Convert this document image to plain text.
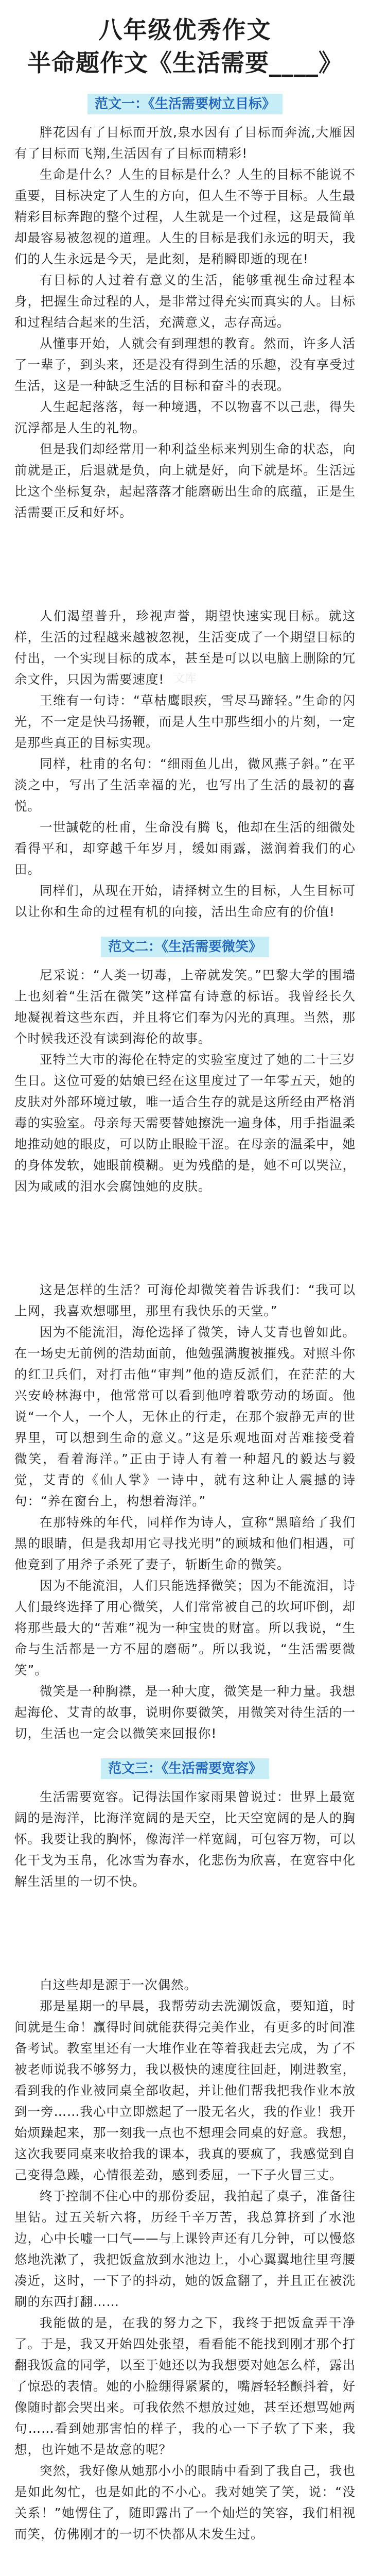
八年级优秀作文
半命题作文《生活需要____》
范文一：《生活需要树立目标》

胖花因有了目标而开放,泉水因有了目标而奔流,大雁因有了目标而飞翔,生活因有了目标而精彩!

生命是什么？人生的目标是什么？人生的目标不能说不重要，目标决定了人生的方向，但人生不等于目标。人生最精彩目标奔跑的整个过程，人生就是一个过程，这是最简单却最容易被忽视的道理。人生的目标是我们永远的明天，我们的人生永远是今天，是此刻，是稍瞬即逝的现在!

有目标的人过着有意义的生活，能够重视生命过程本身，把握生命过程的人，是非常过得充实而真实的人。目标和过程结合起来的生活，充满意义，志存高远。

从懂事开始，人就会有到理想的教育。然而，许多人活了一辈子，到头来，还是没有得到生活的乐趣，没有享受过生活，这是一种缺乏生活的目标和奋斗的表现。

人生起起落落，每一种境遇，不以物喜不以己悲，得失沉浮都是人生的礼物。

但是我们却经常用一种利益坐标来判别生命的状态，向前就是正，后退就是负，向上就是好，向下就是坏。生活远比这个坐标复杂，起起落落才能磨砺出生命的底蕴，正是生活需要正反和好坏。

人们渴望普升，珍视声誉，期望快速实现目标。就这样，生活的过程越来越被忽视，生活变成了一个期望目标的付出，一个实现目标的成本，甚至是可以以电脑上删除的冗余文件，只因为需要速度!

王维有一句诗：“草枯鹰眼疾，雪尽马蹄轻。”生命的闪光，不一定是快马扬鞭，而是人生中那些细小的片刻，一定是那些真正的目标实现。

同样，杜甫的名句：“细雨鱼儿出，微风燕子斜。”在平淡之中，写出了生活幸福的光，也写出了生活的最初的喜悦。

一世諴乾的杜甫，生命没有腾飞，他却在生活的细微处看得平和，却穿越千年岁月，缓如雨露，滋润着我们的心田。

同样们，从现在开始，请择树立生的目标，人生目标可以让你和生命的过程有机的向接，活出生命应有的价值!

范文二：《生活需要微笑》

尼采说：“人类一切毒，上帝就发笑。”巴黎大学的围墙上也刻着“生活在微笑”这样富有诗意的标语。我曾经长久地凝视着这些东西，并且将它们奉为闪光的真理。当然，那个时候我还没有读到海伦的故事。

亚特兰大市的海伦在特定的实验室度过了她的二十三岁生日。这位可爱的姑娘已经在这里度过了一年零五天，她的皮肤对外部环境过敏，唯一适合生存的就是这所经由严格消毒的实验室。母亲每天需要替她擦洗一遍身体，用手指温柔地推动她的眼皮，可以防止眼睑干涩。在母亲的温柔中，她的身体发软，她眼前模糊。更为残酷的是，她不可以哭泣，因为咸咸的泪水会腐蚀她的皮肤。

这是怎样的生活？可海伦却微笑着告诉我们：“我可以上网，我喜欢想哪里，那里有我快乐的天堂。”

因为不能流泪，海伦选择了微笑，诗人艾青也曾如此。在一场史无前例的浩劫面前，他勉强满腹被摧残。对照斗你的红卫兵们，对打击他“审判”他的造反派们，在茫茫的大兴安岭林海中，他常常可以看到他哼着歌劳动的场面。他说“一个人，一个人，无休止的行走，在那个寂静无声的世界里，可以想到生命的意义。”这是乐观地面对苦难接受着微笑，看着海洋。”正由于诗人有着一种超凡的毅达与毅觉，艾青的《仙人掌》一诗中，就有这种让人震撼的诗句：“养在窗台上，构想着海洋。”

在那特殊的年代，同样作为诗人，宣称“黑暗给了我们黑的眼睛，但是我却用它寻找光明”的顾城和他们相遇，可他竟到了用斧子杀死了妻子，斩断生命的微笑。

因为不能流泪，人们只能选择微笑；因为不能流泪，诗人们最终选择了用心微笑，人们常常被自己的坎坷吓倒，却将那些最大的“苦难”视为一种宝贵的财富。所以我说，“生命与生活都是一方不屈的磨砺”。所以我说，“生活需要微笑”。

微笑是一种胸襟，是一种大度，微笑是一种力量。我想起海伦、艾青的故事，说明你要微笑，用微笑对待生活的一切，生活也一定会以微笑来回报你!

范文三：《生活需要宽容》

生活需要宽容。记得法国作家雨果曾说过：世界上最宽阔的是海洋，比海洋宽阔的是天空，比天空宽阔的是人的胸怀。我要让我的胸怀，像海洋一样宽阔，可包容万物，可以化干戈为玉帛，化冰雪为春水，化悲伤为欣喜，在宽容中化解生活里的一切不快。

白这些却是源于一次偶然。

那是星期一的早晨，我帮劳动去洗涮饭盒，要知道，时间就是生命！赢得时间就能获得完美作业，有更多的时间准备考试。教室里还有一大堆作业在等着我赶去完成，为了不被老师说我不够努力，我以极快的速度往回赶，刚进教室，看到我的作业被同桌全部收起，并让他们帮我把我作业本放到一旁……我心中立即燃起了一股无名火，我的作业！我开始烦躁起来，那一刻我一点也不想理会同桌的好意。我想，这次我要同桌来收拾我的课本，我真的要疯了，我感觉到自己变得急躁，心情很差劲，感到委屈，一下子火冒三丈。

终于控制不住心中的那份委屈，我拍起了桌子，准备往里钻。过五关斩六将，历经千辛万苦，我总算挤到了水池边，心中长嘘一口气——与上课铃声还有几分钟，可以慢悠悠地洗漱了，我把饭盒放到水池边上，小心翼翼地往里弯腰凑近，这时，一下子的抖动，她的饭盒翻了，并且正在被洗刷的东西打翻……

我能做的是，在我的努力之下，我终于把饭盒弄干净了。于是，我又开始四处张望，看看能不能找到刚才那个打翻我饭盒的同学，以至于她还以为我想要对她怎么样，露出了惊恐的表情。她的小脸绷得紧紧的，嘴唇轻轻颤抖着，好像随时都会哭出来。可我依然不想放过她，甚至还想骂她两句……看到她那害怕的样子，我的心一下子软了下来，我想，也许她不是故意的呢？

突然，我好像从她那小小的眼睛中看到了我自己，我也是如此匆忙，也是如此的不小心。我对她笑了笑，说：“没关系！”她愣住了，随即露出了一个灿烂的笑容，我们相视而笑，仿佛刚才的一切不快都从未发生过。

文库
